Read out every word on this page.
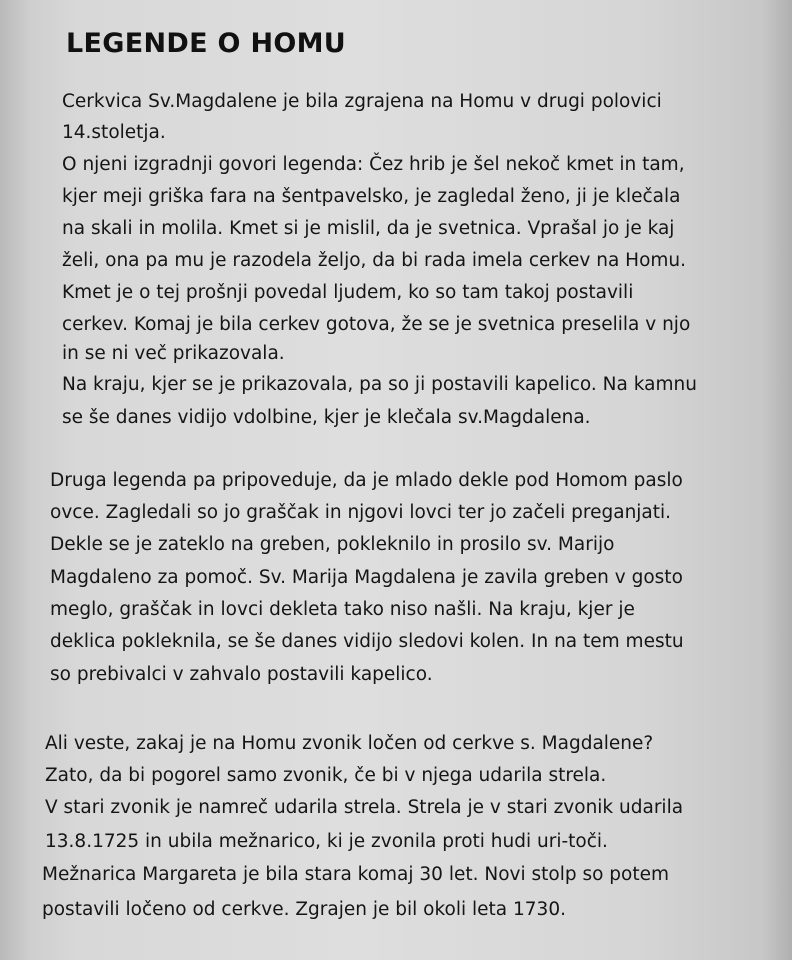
LEGENDE O HOMU

Cerkvica Sv.Magdalene je bila zgrajena na Homu v drugi polovici

14.stoletja.

O njeni izgradnji govori legenda: Čez hrib je šel nekoč kmet in tam,

kjer meji griška fara na šentpavelsko, je zagledal ženo, ji je klečala

na skali in molila. Kmet si je mislil, da je svetnica. Vprašal jo je kaj

želi, ona pa mu je razodela željo, da bi rada imela cerkev na Homu.

Kmet je o tej prošnji povedal ljudem, ko so tam takoj postavili

cerkev. Komaj je bila cerkev gotova, že se je svetnica preselila v njo

in se ni več prikazovala.

Na kraju, kjer se je prikazovala, pa so ji postavili kapelico. Na kamnu

se še danes vidijo vdolbine, kjer je klečala sv.Magdalena.

Druga legenda pa pripoveduje, da je mlado dekle pod Homom paslo

ovce. Zagledali so jo graščak in njgovi lovci ter jo začeli preganjati.

Dekle se je zateklo na greben, pokleknilo in prosilo sv. Marijo

Magdaleno za pomoč. Sv. Marija Magdalena je zavila greben v gosto

meglo, graščak in lovci dekleta tako niso našli. Na kraju, kjer je

deklica pokleknila, se še danes vidijo sledovi kolen. In na tem mestu

so prebivalci v zahvalo postavili kapelico.

Ali veste, zakaj je na Homu zvonik ločen od cerkve s. Magdalene?

Zato, da bi pogorel samo zvonik, če bi v njega udarila strela.

V stari zvonik je namreč udarila strela. Strela je v stari zvonik udarila

13.8.1725 in ubila mežnarico, ki je zvonila proti hudi uri-toči.

Mežnarica Margareta je bila stara komaj 30 let. Novi stolp so potem

postavili ločeno od cerkve. Zgrajen je bil okoli leta 1730.
